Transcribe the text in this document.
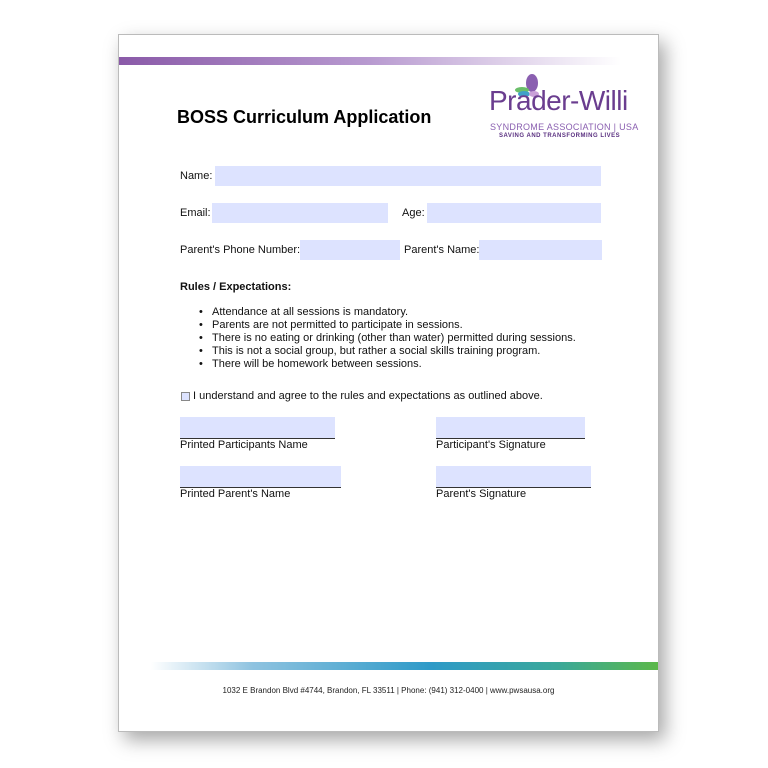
BOSS Curriculum Application
Prader-Willi
SYNDROME ASSOCIATION | USA
SAVING AND TRANSFORMING LIVES
Name:
Email:	Age:
Parent's Phone Number:	Parent's Name:
Rules / Expectations:
• Attendance at all sessions is mandatory.
• Parents are not permitted to participate in sessions.
• There is no eating or drinking (other than water) permitted during sessions.
• This is not a social group, but rather a social skills training program.
• There will be homework between sessions.
I understand and agree to the rules and expectations as outlined above.
Printed Participants Name	Participant's Signature
Printed Parent's Name	Parent's Signature
1032 E Brandon Blvd #4744, Brandon, FL 33511 | Phone: (941) 312-0400 | www.pwsausa.org
